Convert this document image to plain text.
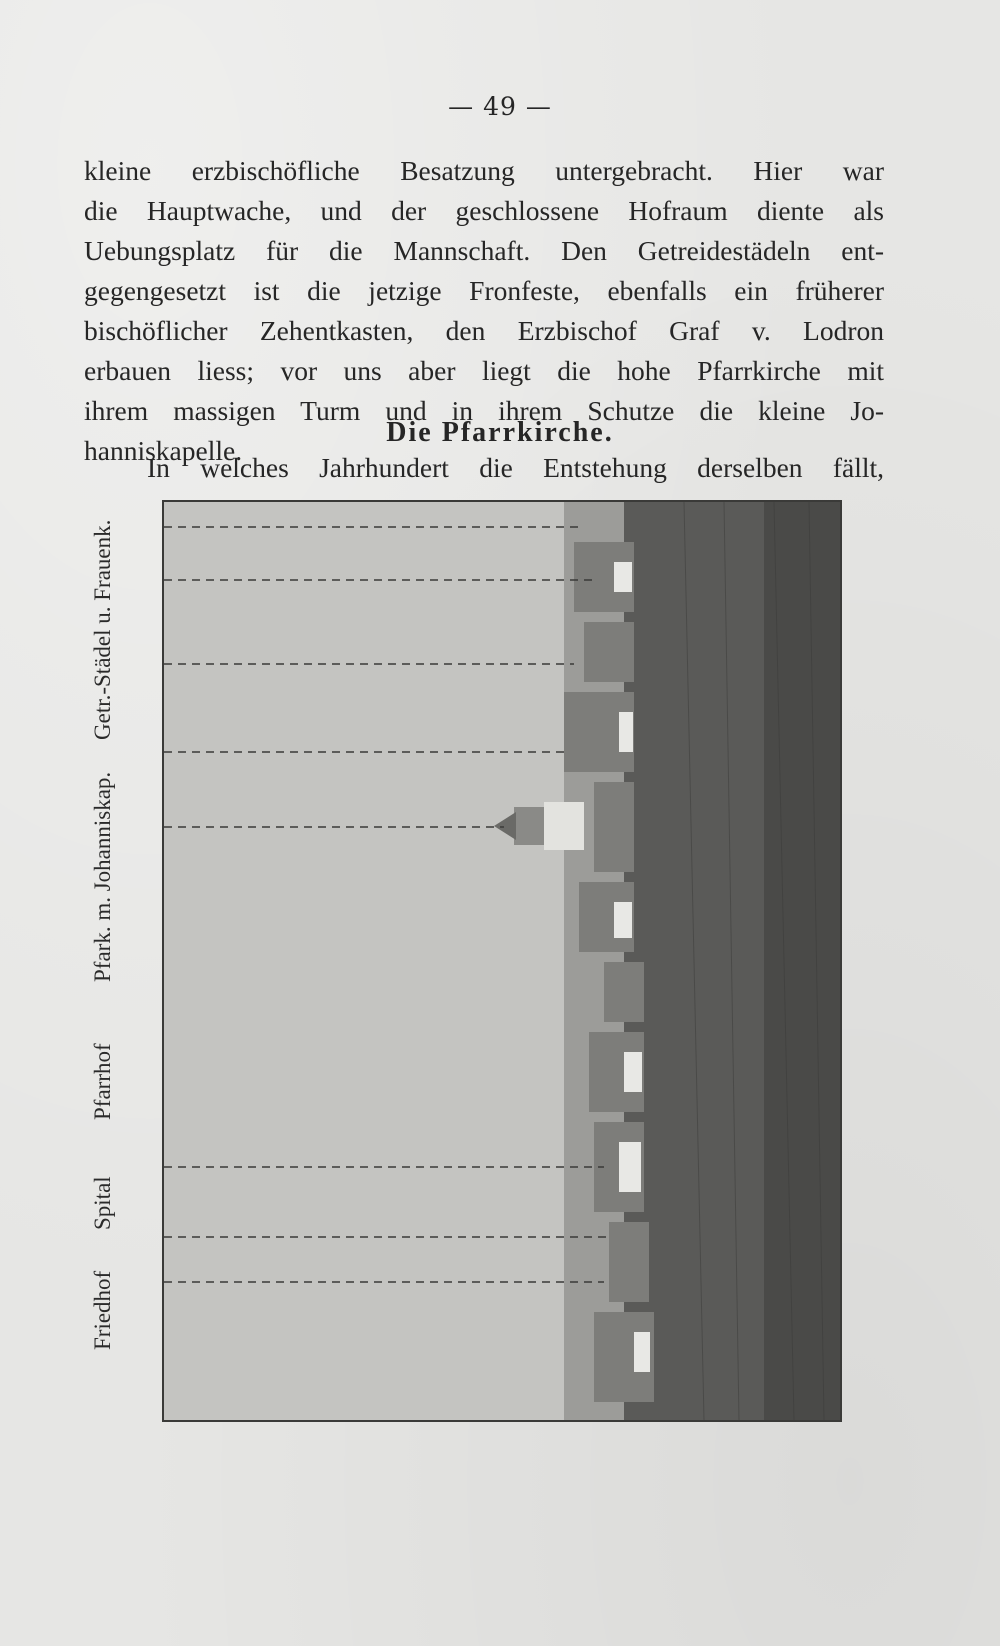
— 49 —
kleine erzbischöfliche Besatzung untergebracht. Hier war
die Hauptwache, und der geschlossene Hofraum diente als
Uebungsplatz für die Mannschaft. Den Getreidestädeln ent-
gegengesetzt ist die jetzige Fronfeste, ebenfalls ein früherer
bischöflicher Zehentkasten, den Erzbischof Graf v. Lodron
erbauen liess; vor uns aber liegt die hohe Pfarrkirche mit
ihrem massigen Turm und in ihrem Schutze die kleine Jo-
hanniskapelle.
Die Pfarrkirche.
In welches Jahrhundert die Entstehung derselben fällt,
Friedhof
Spital
Pfarrhof
Pfark. m. Johanniskap.
Getr.-Städel u. Frauenk.
